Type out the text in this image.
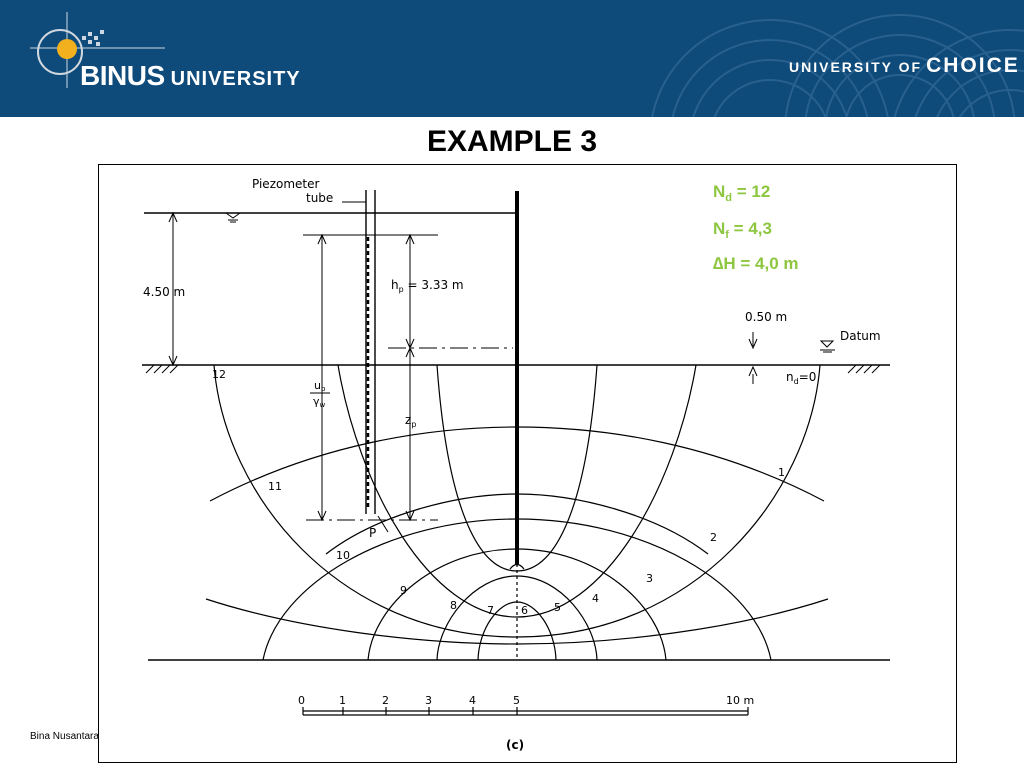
BINUS UNIVERSITY
UNIVERSITY OF CHOICE
EXAMPLE 3
Piezometer
tube
4.50 m	$h_p = 3.33$ m
up
γw
$z_p$
P
0.50 m
Datum
$n_d=0$
1
2
3
4
5
6
7
8
9
10
11
12
0	1	2	3	4	5	10 m
(c)
$N_d = 12$
$N_f = 4,3$
∆H = 4,0 m
Bina Nusantara
